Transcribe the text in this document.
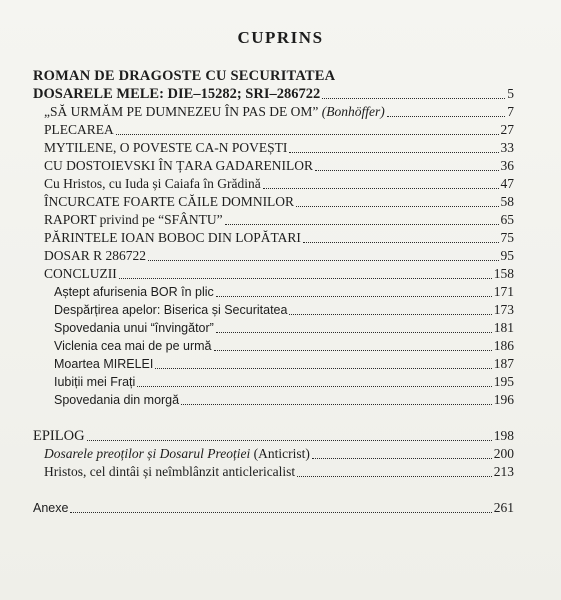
CUPRINS
ROMAN DE DRAGOSTE CU SECURITATEA
DOSARELE MELE: DIE–15282; SRI–286722	5
„SĂ URMĂM PE DUMNEZEU ÎN PAS DE OM” (Bonhöffer)	7
PLECAREA	27
MYTILENE, O POVESTE CA-N POVEȘTI	33
CU DOSTOIEVSKI ÎN ȚARA GADARENILOR	36
Cu Hristos, cu Iuda și Caiafa în Grădină	47
ÎNCURCATE FOARTE CĂILE DOMNILOR	58
RAPORT privind pe “SFÂNTU”	65
PĂRINTELE IOAN BOBOC DIN LOPĂTARI	75
DOSAR R 286722	95
CONCLUZII	158
Aștept afurisenia BOR în plic	171
Despărțirea apelor: Biserica și Securitatea	173
Spovedania unui “învingător”	181
Viclenia cea mai de pe urmă	186
Moartea MIRELEI	187
Iubiții mei Frați	195
Spovedania din morgă	196
EPILOG	198
Dosarele preoților și Dosarul Preoției (Anticrist)	200
Hristos, cel dintâi și neîmblânzit anticlericalist	213
Anexe	261
